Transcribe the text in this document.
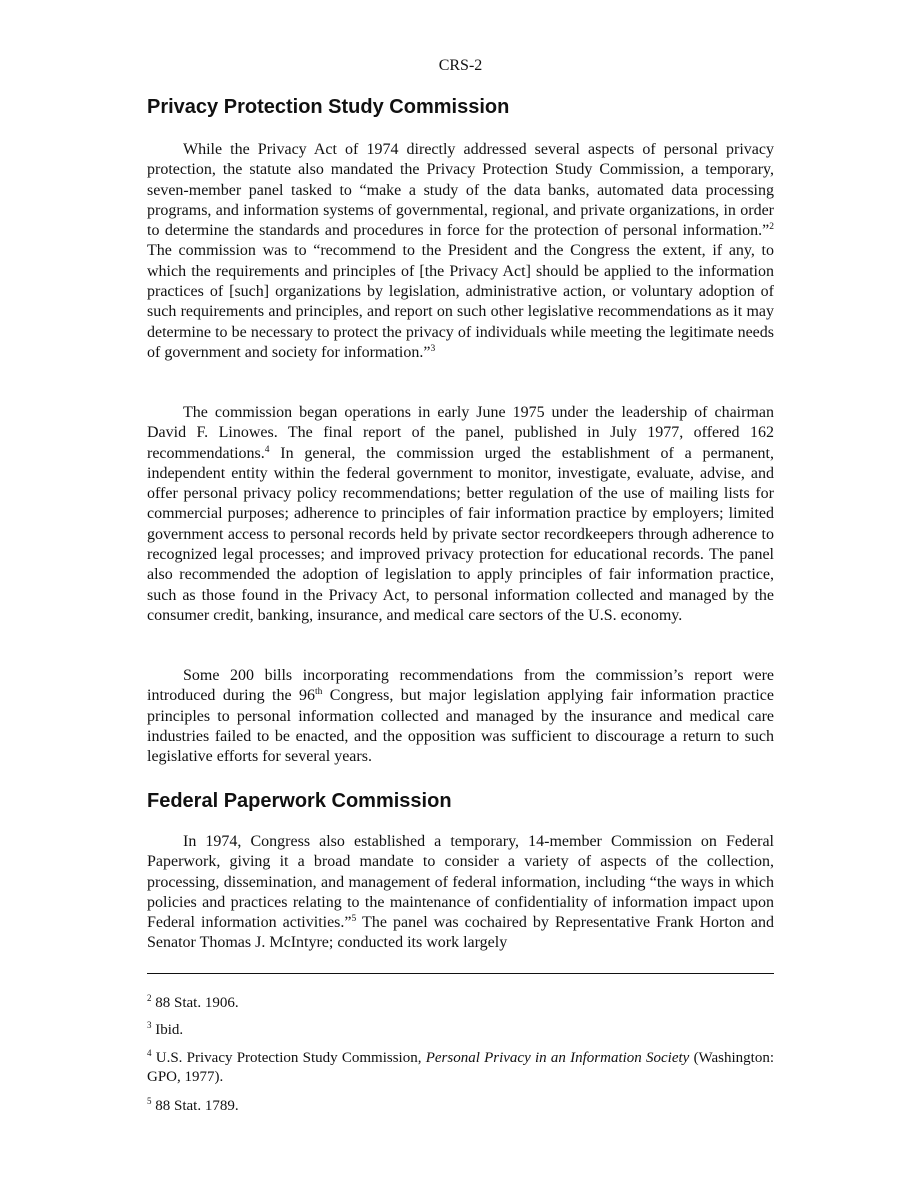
CRS-2
Privacy Protection Study Commission

While the Privacy Act of 1974 directly addressed several aspects of personal privacy protection, the statute also mandated the Privacy Protection Study Commission, a temporary, seven-member panel tasked to “make a study of the data banks, automated data processing programs, and information systems of governmental, regional, and private organizations, in order to determine the standards and procedures in force for the protection of personal information.”$^2$ The commission was to “recommend to the President and the Congress the extent, if any, to which the requirements and principles of [the Privacy Act] should be applied to the information practices of [such] organizations by legislation, administrative action, or voluntary adoption of such requirements and principles, and report on such other legislative recommendations as it may determine to be necessary to protect the privacy of individuals while meeting the legitimate needs of government and society for information.”$^3$

The commission began operations in early June 1975 under the leadership of chairman David F. Linowes. The final report of the panel, published in July 1977, offered 162 recommendations.$^4$ In general, the commission urged the establishment of a permanent, independent entity within the federal government to monitor, investigate, evaluate, advise, and offer personal privacy policy recommendations; better regulation of the use of mailing lists for commercial purposes; adherence to principles of fair information practice by employers; limited government access to personal records held by private sector recordkeepers through adherence to recognized legal processes; and improved privacy protection for educational records. The panel also recommended the adoption of legislation to apply principles of fair information practice, such as those found in the Privacy Act, to personal information collected and managed by the consumer credit, banking, insurance, and medical care sectors of the U.S. economy.

Some 200 bills incorporating recommendations from the commission’s report were introduced during the 96th Congress, but major legislation applying fair information practice principles to personal information collected and managed by the insurance and medical care industries failed to be enacted, and the opposition was sufficient to discourage a return to such legislative efforts for several years.

Federal Paperwork Commission

In 1974, Congress also established a temporary, 14-member Commission on Federal Paperwork, giving it a broad mandate to consider a variety of aspects of the collection, processing, dissemination, and management of federal information, including “the ways in which policies and practices relating to the maintenance of confidentiality of information impact upon Federal information activities.”$^5$ The panel was cochaired by Representative Frank Horton and Senator Thomas J. McIntyre; conducted its work largely

$^2$ 88 Stat. 1906.

$^3$ Ibid.

$^4$ U.S. Privacy Protection Study Commission, Personal Privacy in an Information Society (Washington: GPO, 1977).

$^5$ 88 Stat. 1789.
